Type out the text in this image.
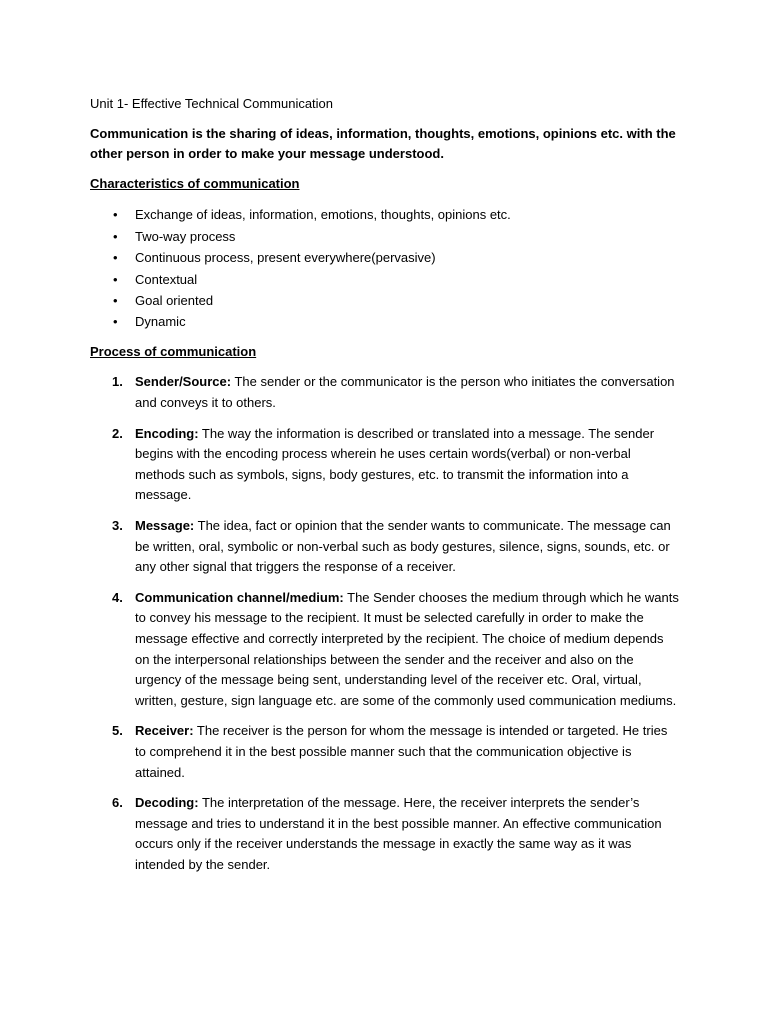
Unit 1- Effective Technical Communication

Communication is the sharing of ideas, information, thoughts, emotions, opinions etc. with the other person in order to make your message understood.

Characteristics of communication

• Exchange of ideas, information, emotions, thoughts, opinions etc.
• Two-way process
• Continuous process, present everywhere(pervasive)
• Contextual
• Goal oriented
• Dynamic

Process of communication

1. Sender/Source: The sender or the communicator is the person who initiates the conversation and conveys it to others.
2. Encoding: The way the information is described or translated into a message. The sender begins with the encoding process wherein he uses certain words(verbal) or non-verbal methods such as symbols, signs, body gestures, etc. to transmit the information into a message.
3. Message: The idea, fact or opinion that the sender wants to communicate. The message can be written, oral, symbolic or non-verbal such as body gestures, silence, signs, sounds, etc. or any other signal that triggers the response of a receiver.
4. Communication channel/medium: The Sender chooses the medium through which he wants to convey his message to the recipient. It must be selected carefully in order to make the message effective and correctly interpreted by the recipient. The choice of medium depends on the interpersonal relationships between the sender and the receiver and also on the urgency of the message being sent, understanding level of the receiver etc. Oral, virtual, written, gesture, sign language etc. are some of the commonly used communication mediums.
5. Receiver: The receiver is the person for whom the message is intended or targeted. He tries to comprehend it in the best possible manner such that the communication objective is attained.
6. Decoding: The interpretation of the message. Here, the receiver interprets the sender’s message and tries to understand it in the best possible manner. An effective communication occurs only if the receiver understands the message in exactly the same way as it was intended by the sender.
